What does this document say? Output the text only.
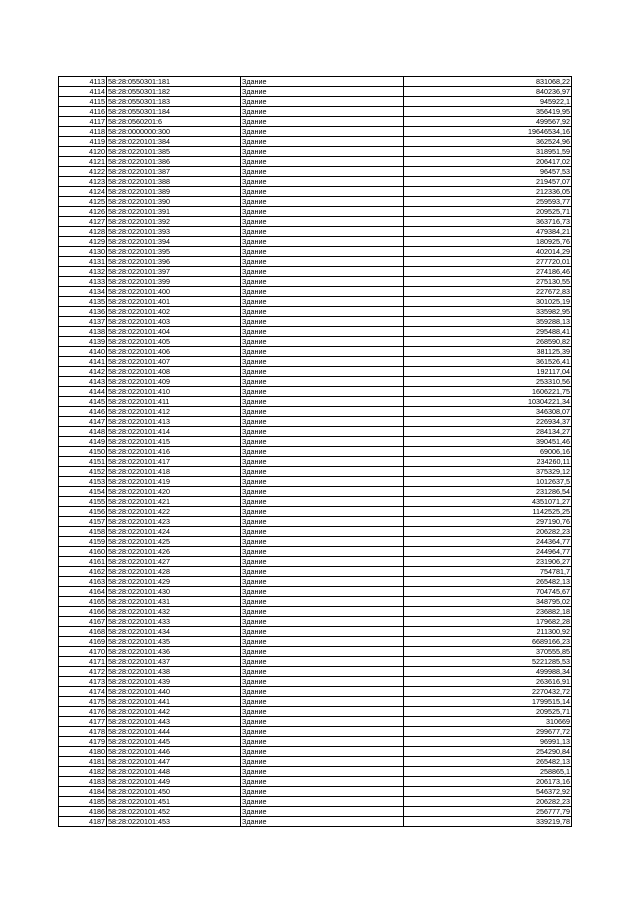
4113	58:28:0550301:181	Здание	831068,22
4114	58:28:0550301:182	Здание	840236,97
4115	58:28:0550301:183	Здание	945922,1
4116	58:28:0550301:184	Здание	356419,95
4117	58:28:0560201:6	Здание	499567,92
4118	58:28:0000000:300	Здание	19646534,16
4119	58:28:0220101:384	Здание	362524,96
4120	58:28:0220101:385	Здание	318951,59
4121	58:28:0220101:386	Здание	206417,02
4122	58:28:0220101:387	Здание	96457,53
4123	58:28:0220101:388	Здание	219457,07
4124	58:28:0220101:389	Здание	212336,05
4125	58:28:0220101:390	Здание	259593,77
4126	58:28:0220101:391	Здание	209525,71
4127	58:28:0220101:392	Здание	363716,73
4128	58:28:0220101:393	Здание	479384,21
4129	58:28:0220101:394	Здание	180925,76
4130	58:28:0220101:395	Здание	402014,29
4131	58:28:0220101:396	Здание	277720,01
4132	58:28:0220101:397	Здание	274186,46
4133	58:28:0220101:399	Здание	275130,55
4134	58:28:0220101:400	Здание	227672,83
4135	58:28:0220101:401	Здание	301025,19
4136	58:28:0220101:402	Здание	335982,95
4137	58:28:0220101:403	Здание	359288,13
4138	58:28:0220101:404	Здание	295488,41
4139	58:28:0220101:405	Здание	268590,82
4140	58:28:0220101:406	Здание	381125,39
4141	58:28:0220101:407	Здание	361526,41
4142	58:28:0220101:408	Здание	192117,04
4143	58:28:0220101:409	Здание	253310,56
4144	58:28:0220101:410	Здание	1606221,75
4145	58:28:0220101:411	Здание	10304221,34
4146	58:28:0220101:412	Здание	346308,07
4147	58:28:0220101:413	Здание	226934,37
4148	58:28:0220101:414	Здание	284134,27
4149	58:28:0220101:415	Здание	390451,46
4150	58:28:0220101:416	Здание	69006,16
4151	58:28:0220101:417	Здание	234260,11
4152	58:28:0220101:418	Здание	375329,12
4153	58:28:0220101:419	Здание	1012637,5
4154	58:28:0220101:420	Здание	231286,54
4155	58:28:0220101:421	Здание	4351071,27
4156	58:28:0220101:422	Здание	1142525,25
4157	58:28:0220101:423	Здание	297190,76
4158	58:28:0220101:424	Здание	206282,23
4159	58:28:0220101:425	Здание	244364,77
4160	58:28:0220101:426	Здание	244964,77
4161	58:28:0220101:427	Здание	231906,27
4162	58:28:0220101:428	Здание	754781,7
4163	58:28:0220101:429	Здание	265482,13
4164	58:28:0220101:430	Здание	704745,67
4165	58:28:0220101:431	Здание	348795,02
4166	58:28:0220101:432	Здание	236882,18
4167	58:28:0220101:433	Здание	179682,28
4168	58:28:0220101:434	Здание	211300,92
4169	58:28:0220101:435	Здание	6689166,23
4170	58:28:0220101:436	Здание	370555,85
4171	58:28:0220101:437	Здание	5221285,53
4172	58:28:0220101:438	Здание	499988,34
4173	58:28:0220101:439	Здание	263616,91
4174	58:28:0220101:440	Здание	2270432,72
4175	58:28:0220101:441	Здание	1799515,14
4176	58:28:0220101:442	Здание	209525,71
4177	58:28:0220101:443	Здание	310669
4178	58:28:0220101:444	Здание	299677,72
4179	58:28:0220101:445	Здание	96991,13
4180	58:28:0220101:446	Здание	254290,84
4181	58:28:0220101:447	Здание	265482,13
4182	58:28:0220101:448	Здание	258865,1
4183	58:28:0220101:449	Здание	206173,16
4184	58:28:0220101:450	Здание	546372,92
4185	58:28:0220101:451	Здание	206282,23
4186	58:28:0220101:452	Здание	256777,79
4187	58:28:0220101:453	Здание	339219,78
